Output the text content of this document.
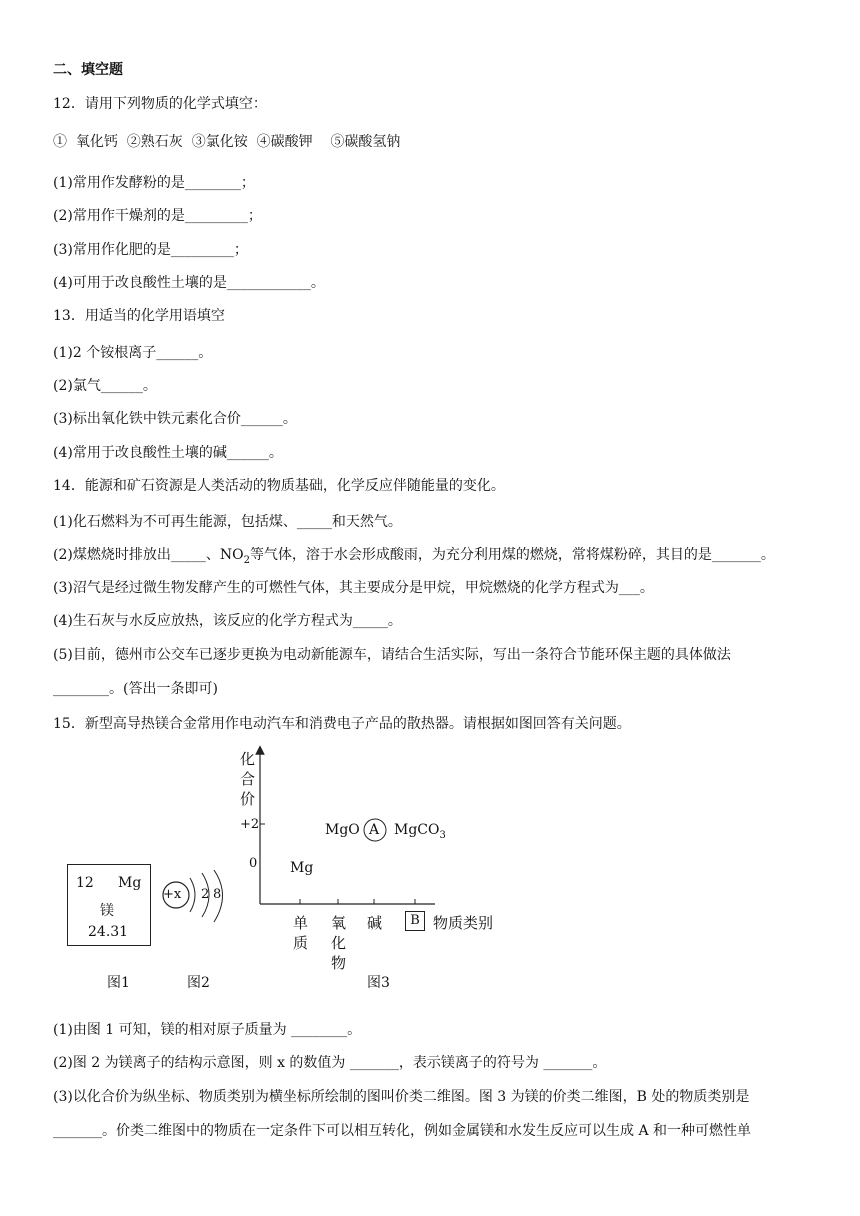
二、填空题
12．请用下列物质的化学式填空：
①  氧化钙  ②熟石灰  ③氯化铵  ④碳酸钾    ⑤碳酸氢钠
(1)常用作发酵粉的是________；
(2)常用作干燥剂的是_________；
(3)常用作化肥的是_________；
(4)可用于改良酸性土壤的是____________。
13．用适当的化学用语填空
(1)2 个铵根离子______。
(2)氯气______。
(3)标出氧化铁中铁元素化合价______。
(4)常用于改良酸性土壤的碱______。
14．能源和矿石资源是人类活动的物质基础，化学反应伴随能量的变化。
(1)化石燃料为不可再生能源，包括煤、_____和天然气。
(2)煤燃烧时排放出_____、$NO_2$等气体，溶于水会形成酸雨，为充分利用煤的燃烧，常将煤粉碎，其目的是_______。
(3)沼气是经过微生物发酵产生的可燃性气体，其主要成分是甲烷，甲烷燃烧的化学方程式为___。
(4)生石灰与水反应放热，该反应的化学方程式为_____。
(5)目前，德州市公交车已逐步更换为电动新能源车，请结合生活实际，写出一条符合节能环保主题的具体做法
________。(答出一条即可)
15．新型高导热镁合金常用作电动汽车和消费电子产品的散热器。请根据如图回答有关问题。
12 Mg
镁
24.31
图1
+x 2 8
图2
化
合
价
+2
0
MgO A MgCO$_3$
Mg
单
质
氧
化
物
碱	B 物质类别
图3
(1)由图 1 可知，镁的相对原子质量为 ________。
(2)图 2 为镁离子的结构示意图，则 x 的数值为 _______，表示镁离子的符号为 _______。
(3)以化合价为纵坐标、物质类别为横坐标所绘制的图叫价类二维图。图 3 为镁的价类二维图，B 处的物质类别是
_______。价类二维图中的物质在一定条件下可以相互转化，例如金属镁和水发生反应可以生成 A 和一种可燃性单
